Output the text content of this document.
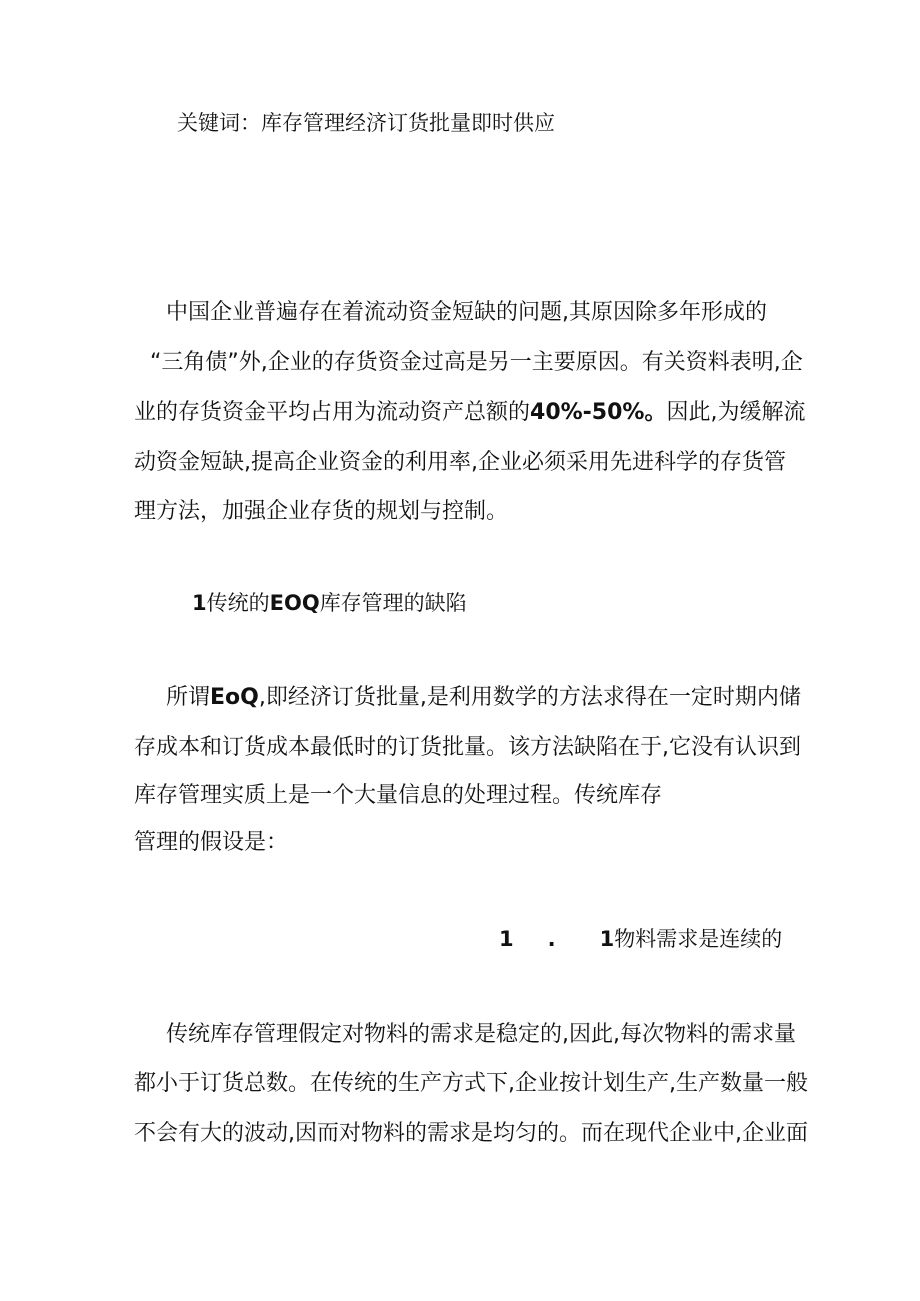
关键词：库存管理经济订货批量即时供应

中国企业普遍存在着流动资金短缺的问题,其原因除多年形成的

“三角债”外,企业的存货资金过高是另一主要原因。有关资料表明,企

业的存货资金平均占用为流动资产总额的40%-50%。因此,为缓解流

动资金短缺,提高企业资金的利用率,企业必须采用先进科学的存货管

理方法，加强企业存货的规划与控制。

1传统的EOQ库存管理的缺陷

所谓EoQ,即经济订货批量,是利用数学的方法求得在一定时期内储

存成本和订货成本最低时的订货批量。该方法缺陷在于,它没有认识到

库存管理实质上是一个大量信息的处理过程。传统库存

管理的假设是：

1 . 1物料需求是连续的

传统库存管理假定对物料的需求是稳定的,因此,每次物料的需求量

都小于订货总数。在传统的生产方式下,企业按计划生产,生产数量一般

不会有大的波动,因而对物料的需求是均匀的。而在现代企业中,企业面
